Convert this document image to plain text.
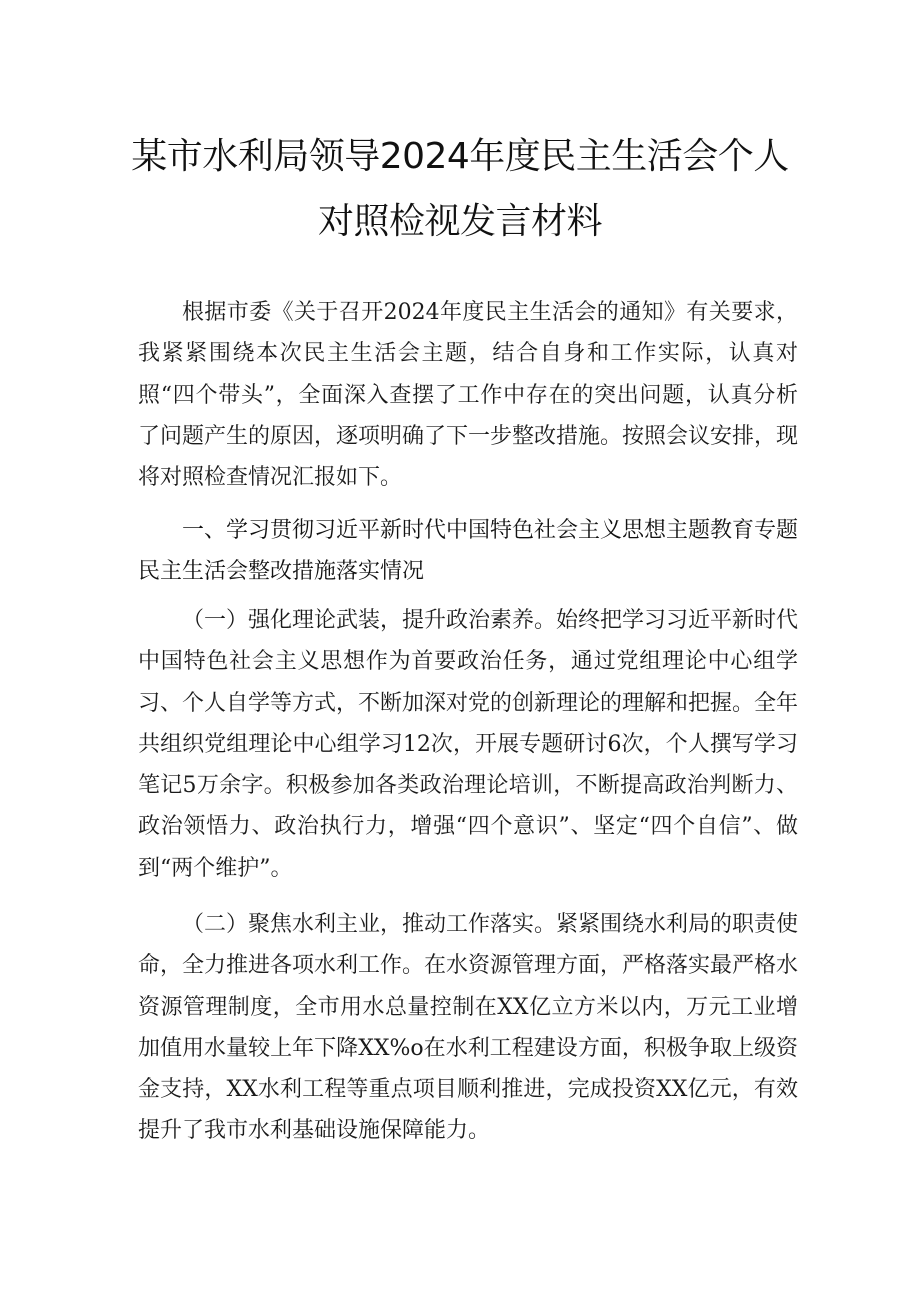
某市水利局领导2024年度民主生活会个人
对照检视发言材料

根据市委《关于召开2024年度民主生活会的通知》有关要求，我紧紧围绕本次民主生活会主题，结合自身和工作实际，认真对照“四个带头”，全面深入查摆了工作中存在的突出问题，认真分析了问题产生的原因，逐项明确了下一步整改措施。按照会议安排，现将对照检查情况汇报如下。

一、学习贯彻习近平新时代中国特色社会主义思想主题教育专题民主生活会整改措施落实情况

（一）强化理论武装，提升政治素养。始终把学习习近平新时代中国特色社会主义思想作为首要政治任务，通过党组理论中心组学习、个人自学等方式，不断加深对党的创新理论的理解和把握。全年共组织党组理论中心组学习12次，开展专题研讨6次，个人撰写学习笔记5万余字。积极参加各类政治理论培训，不断提高政治判断力、政治领悟力、政治执行力，增强“四个意识”、坚定“四个自信”、做到“两个维护”。

（二）聚焦水利主业，推动工作落实。紧紧围绕水利局的职责使命，全力推进各项水利工作。在水资源管理方面，严格落实最严格水资源管理制度，全市用水总量控制在XX亿立方米以内，万元工业增加值用水量较上年下降XX%o在水利工程建设方面，积极争取上级资金支持，XX水利工程等重点项目顺利推进，完成投资XX亿元，有效提升了我市水利基础设施保障能力。
